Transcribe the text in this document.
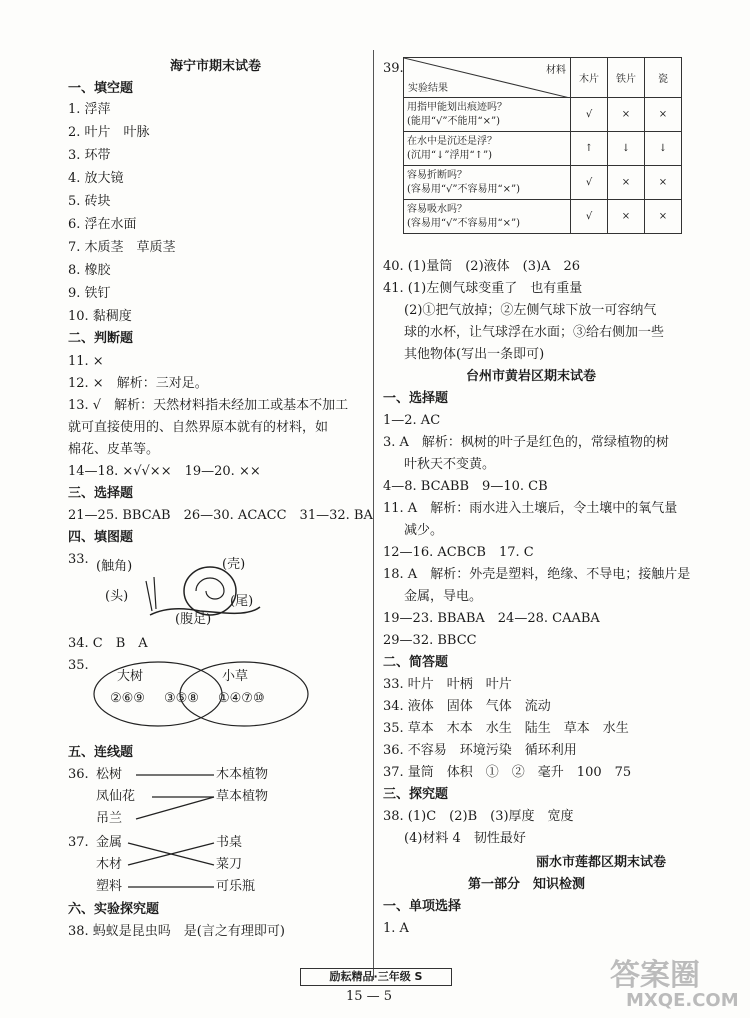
海宁市期末试卷
一、填空题
1. 浮萍
2. 叶片　叶脉
3. 环带
4. 放大镜
5. 砖块
6. 浮在水面
7. 木质茎　草质茎
8. 橡胶
9. 铁钉
10. 黏稠度
二、判断题
11. ×
12. ×　解析：三对足。
13. √　解析：天然材料指未经加工或基本不加工
就可直接使用的、自然界原本就有的材料，如
棉花、皮革等。
14—18. ×√√××　19—20. ××
三、选择题
21—25. BBCAB　26—30. ACACC　31—32. BA
四、填图题
33. (触角)	(壳)
(头)	(尾)
(腹足)
34. C　B　A
35.
大树	小草
②⑥⑨ ③⑤⑧ ①④⑦⑩
五、连线题
36. 松树
凤仙花
吊兰
木本植物
草本植物
37. 金属
木材
塑料
书桌
菜刀
可乐瓶
六、实验探究题
38. 蚂蚁是昆虫吗　是(言之有理即可)
39.	材料
实验结果	木片	铁片	瓷

用指甲能划出痕迹吗？
(能用“√”不能用“×”)	√	×	×

在水中是沉还是浮？
(沉用“↓”浮用“↑”)	↑	↓	↓

容易折断吗？
(容易用“√”不容易用“×”)	√	×	×

容易吸水吗？
(容易用“√”不容易用“×”)	√	×	×
40. (1)量筒　(2)液体　(3)A　26
41. (1)左侧气球变重了　也有重量
(2)①把气放掉；②左侧气球下放一可容纳气
球的水杯，让气球浮在水面；③给右侧加一些
其他物体(写出一条即可)
台州市黄岩区期末试卷
一、选择题
1—2. AC
3. A　解析：枫树的叶子是红色的，常绿植物的树
叶秋天不变黄。
4—8. BCABB　9—10. CB
11. A　解析：雨水进入土壤后，令土壤中的氧气量
减少。
12—16. ACBCB　17. C
18. A　解析：外壳是塑料，绝缘、不导电；接触片是
金属，导电。
19—23. BBABA　24—28. CAABA
29—32. BBCC
二、简答题
33. 叶片　叶柄　叶片
34. 液体　固体　气体　流动
35. 草本　木本　水生　陆生　草本　水生
36. 不容易　环境污染　循环利用
37. 量筒　体积　①　②　毫升　100　75
三、探究题
38. (1)C　(2)B　(3)厚度　宽度
(4)材料 4　韧性最好
丽水市莲都区期末试卷
第一部分　知识检测
一、单项选择
1. A
答案圈
MXQE.COM
励耘精品·三年级 S
15 — 5
